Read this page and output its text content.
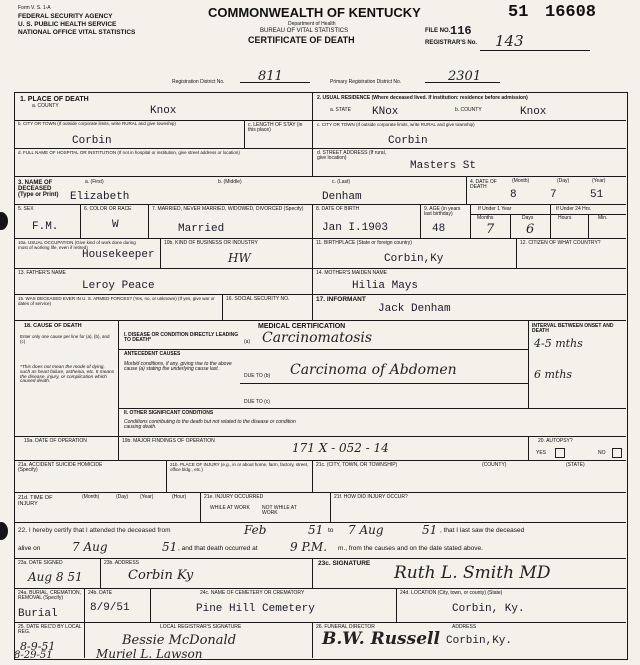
Form V. S. 1-A
FEDERAL SECURITY AGENCY
U. S. PUBLIC HEALTH SERVICE
NATIONAL OFFICE VITAL STATISTICS
COMMONWEALTH OF KENTUCKY
Department of Health
BUREAU OF VITAL STATISTICS
CERTIFICATE OF DEATH
51 16608
FILE NO. 116
REGISTRAR'S No. 143
Registration District No.	811	Primary Registration District No.	2301
1. PLACE OF DEATH
a. COUNTY	Knox
b. CITY OR TOWN (If outside corporate limits, write RURAL and give township)
Corbin
c. LENGTH OF STAY (in this place)
d. FULL NAME OF HOSPITAL OR INSTITUTION (If not in hospital or institution, give street address or location)
2. USUAL RESIDENCE (Where deceased lived. If institution: residence before admission)
a. STATE KNox	b. COUNTY	Knox
c. CITY OR TOWN (If outside corporate limits, write RURAL and give township)
Corbin
d. STREET ADDRESS (If rural, give location)
Masters St
3. NAME OF DECEASED (Type or Print)
a. (First)
Elizabeth
b. (Middle)	c. (Last)
Denham
4. DATE OF DEATH
(Month)	(Day)	(Year)
8	7	51
5. SEX
F.M.
6. COLOR OR RACE
W
7. MARRIED, NEVER MARRIED, WIDOWED, DIVORCED (Specify)
Married
8. DATE OF BIRTH
Jan I.1903
9. AGE (in years last birthday)
48
If Under 1 Year	If Under 24 Hrs.
Months	Days	Hours	Min.
7 6
10a. USUAL OCCUPATION (Give kind of work done during most of working life, even if retired)
Housekeeper
10b. KIND OF BUSINESS OR INDUSTRY
HW
11. BIRTHPLACE (State or foreign country)
Corbin,Ky
12. CITIZEN OF WHAT COUNTRY?
13. FATHER'S NAME
Leroy Peace
14. MOTHER'S MAIDEN NAME
Hilia Mays
15. WAS DECEASED EVER IN U. S. ARMED FORCES? (Yes, no, or unknown) (If yes, give war or dates of service)
16. SOCIAL SECURITY NO.	17. INFORMANT
Jack Denham
MEDICAL CERTIFICATION
18. CAUSE OF DEATH
Enter only one cause per line for (a), (b), and (c)
*This does not mean the mode of dying, such as heart failure, asthenia, etc. It means the disease, injury, or complication which caused death.
I. DISEASE OR CONDITION DIRECTLY LEADING TO DEATH*	(a) Carcinomatosis
ANTECEDENT CAUSES
Morbid conditions, if any, giving rise to the above cause (a) stating the underlying cause last.
DUE TO (b) Carcinoma of Abdomen
DUE TO (c)
II. OTHER SIGNIFICANT CONDITIONS
Conditions contributing to the death but not related to the disease or condition causing death.
INTERVAL BETWEEN ONSET AND DEATH
4-5 mths
6 mths
19a. DATE OF OPERATION	19b. MAJOR FINDINGS OF OPERATION	171 X - 052 - 14	20. AUTOPSY?
YES	NO
21a. ACCIDENT SUICIDE HOMICIDE (Specify)
21b. PLACE OF INJURY (e.g., in or about home, farm, factory, street, office bldg., etc.)
21c. (CITY, TOWN, OR TOWNSHIP)	(COUNTY)	(STATE)
21d. TIME OF INJURY
(Month)	(Day) (Year)	(Hour)	21e. INJURY OCCURRED
WHILE AT WORK NOT WHILE AT WORK
21f. HOW DID INJURY OCCUR?
22. I hereby certify that I attended the deceased from	Feb	51 to 7 Aug	51 , that I last saw the deceased
alive on	7 Aug	51 , and that death occurred at	9 P.M. m., from the causes and on the date stated above.
23a. DATE SIGNED
Aug 8 51
23b. ADDRESS
Corbin Ky
23c. SIGNATURE Ruth L. Smith MD
24a. BURIAL, CREMATION, REMOVAL (Specify)
Burial
24b. DATE
8/9/51
24c. NAME OF CEMETERY OR CREMATORY
Pine Hill Cemetery
24d. LOCATION (City, town, or county) (State)
Corbin, Ky.
25. DATE REC'D BY LOCAL REG.
8-9-51
LOCAL REGISTRAR'S SIGNATURE
Bessie McDonald
26. FUNERAL DIRECTOR
B.W. Russell
ADDRESS
Corbin,Ky.
8-29-51	Muriel L. Lawson
